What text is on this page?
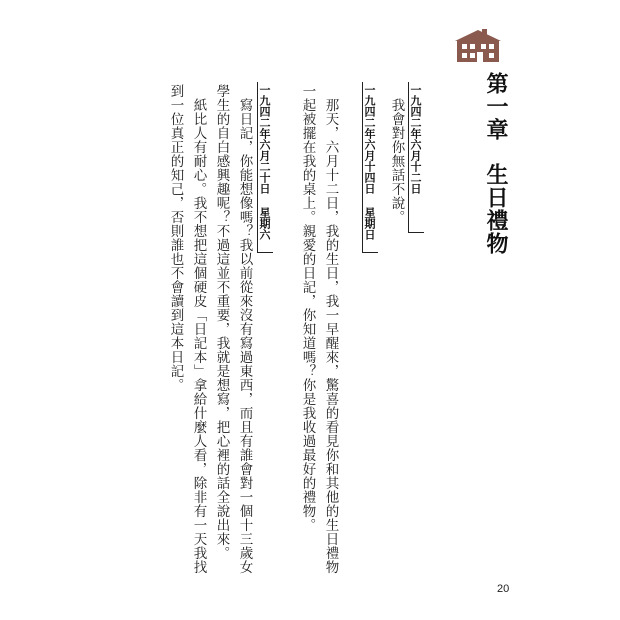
第一章生日禮物
一九四二年六月十二日
我會對你無話不說。
一九四二年六月十四日 星期日
那天，六月十二日，我的生日，我一早醒來，驚喜的看見你和其他的生日禮物
一起被擺在我的桌上。親愛的日記，你知道嗎？你是我收過最好的禮物。
一九四二年六月二十日 星期六
寫日記，你能想像嗎？我以前從來沒有寫過東西，而且有誰會對一個十三歲女
學生的自白感興趣呢？不過這並不重要，我就是想寫，把心裡的話全說出來。
紙比人有耐心。我不想把這個硬皮「日記本」拿給什麼人看，除非有一天我找
到一位真正的知己，否則誰也不會讀到這本日記。
20
